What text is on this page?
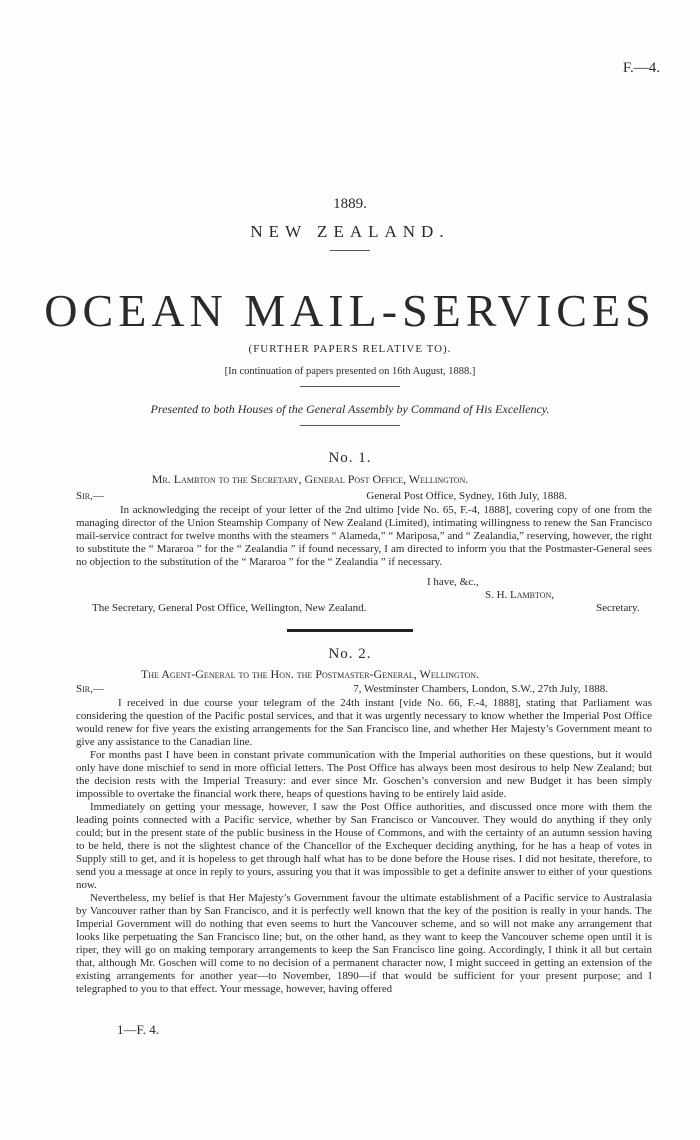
F.—4.
1889.
NEW ZEALAND.
OCEAN MAIL-SERVICES
(FURTHER PAPERS RELATIVE TO).
[In continuation of papers presented on 16th August, 1888.]
Presented to both Houses of the General Assembly by Command of His Excellency.
No. 1.
Mr. Lambton to the Secretary, General Post Office, Wellington.
Sir,—	General Post Office, Sydney, 16th July, 1888.

In acknowledging the receipt of your letter of the 2nd ultimo [vide No. 65, F.-4, 1888], covering copy of one from the managing director of the Union Steamship Company of New Zealand (Limited), intimating willingness to renew the San Francisco mail-service contract for twelve months with the steamers “ Alameda,” “ Mariposa,” and “ Zealandia,” reserving, however, the right to substitute the “ Mararoa ” for the “ Zealandia ” if found necessary, I am directed to inform you that the Postmaster-General sees no objection to the substitution of the “ Mararoa ” for the “ Zealandia ” if necessary.

I have, &c.,
S. H. Lambton,
The Secretary, General Post Office, Wellington, New Zealand.	Secretary.
No. 2.
The Agent-General to the Hon. the Postmaster-General, Wellington.
Sir,—	7, Westminster Chambers, London, S.W., 27th July, 1888.

I received in due course your telegram of the 24th instant [vide No. 66, F.-4, 1888], stating that Parliament was considering the question of the Pacific postal services, and that it was urgently necessary to know whether the Imperial Post Office would renew for five years the existing arrangements for the San Francisco line, and whether Her Majesty’s Government meant to give any assistance to the Canadian line.

For months past I have been in constant private communication with the Imperial authorities on these questions, but it would only have done mischief to send in more official letters. The Post Office has always been most desirous to help New Zealand; but the decision rests with the Imperial Treasury: and ever since Mr. Goschen’s conversion and new Budget it has been simply impossible to overtake the financial work there, heaps of questions having to be entirely laid aside.

Immediately on getting your message, however, I saw the Post Office authorities, and discussed once more with them the leading points connected with a Pacific service, whether by San Francisco or Vancouver. They would do anything if they only could; but in the present state of the public business in the House of Commons, and with the certainty of an autumn session having to be held, there is not the slightest chance of the Chancellor of the Exchequer deciding anything, for he has a heap of votes in Supply still to get, and it is hopeless to get through half what has to be done before the House rises. I did not hesitate, therefore, to send you a message at once in reply to yours, assuring you that it was impossible to get a definite answer to either of your questions now.

Nevertheless, my belief is that Her Majesty’s Government favour the ultimate establishment of a Pacific service to Australasia by Vancouver rather than by San Francisco, and it is perfectly well known that the key of the position is really in your hands. The Imperial Government will do nothing that even seems to hurt the Vancouver scheme, and so will not make any arrangement that looks like perpetuating the San Francisco line; but, on the other hand, as they want to keep the Vancouver scheme open until it is riper, they will go on making temporary arrangements to keep the San Francisco line going. Accordingly, I think it all but certain that, although Mr. Goschen will come to no decision of a permanent character now, I might succeed in getting an extension of the existing arrangements for another year—to November, 1890—if that would be sufficient for your present purpose; and I telegraphed to you to that effect. Your message, however, having offered

1—F. 4.
